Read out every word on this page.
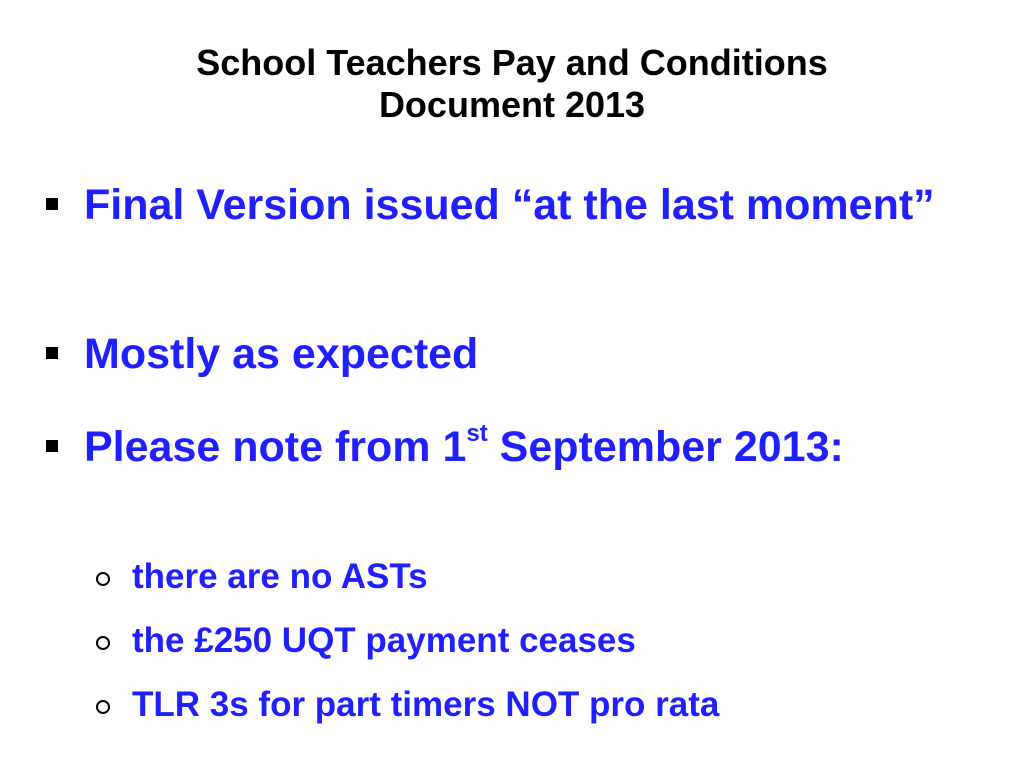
School Teachers Pay and Conditions
Document 2013
Final Version issued “at the last moment”
Mostly as expected
Please note from 1st September 2013:
there are no ASTs
the £250 UQT payment ceases
TLR 3s for part timers NOT pro rata
